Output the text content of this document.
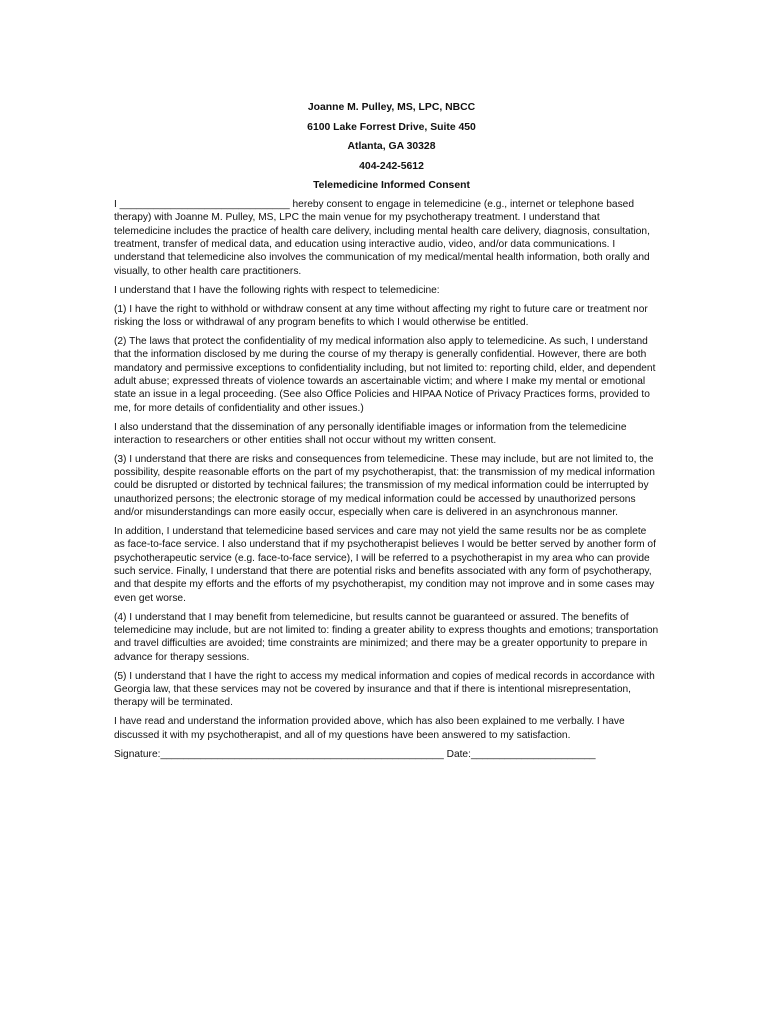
Joanne M. Pulley, MS, LPC, NBCC
6100 Lake Forrest Drive, Suite 450
Atlanta, GA 30328
404-242-5612
Telemedicine Informed Consent

I ______________________________ hereby consent to engage in telemedicine (e.g., internet or telephone based therapy) with Joanne M. Pulley, MS, LPC the main venue for my psychotherapy treatment. I understand that telemedicine includes the practice of health care delivery, including mental health care delivery, diagnosis, consultation, treatment, transfer of medical data, and education using interactive audio, video, and/or data communications. I understand that telemedicine also involves the communication of my medical/mental health information, both orally and visually, to other health care practitioners.

I understand that I have the following rights with respect to telemedicine:

(1) I have the right to withhold or withdraw consent at any time without affecting my right to future care or treatment nor risking the loss or withdrawal of any program benefits to which I would otherwise be entitled.

(2) The laws that protect the confidentiality of my medical information also apply to telemedicine. As such, I understand that the information disclosed by me during the course of my therapy is generally confidential. However, there are both mandatory and permissive exceptions to confidentiality including, but not limited to: reporting child, elder, and dependent adult abuse; expressed threats of violence towards an ascertainable victim; and where I make my mental or emotional state an issue in a legal proceeding. (See also Office Policies and HIPAA Notice of Privacy Practices forms, provided to me, for more details of confidentiality and other issues.)

I also understand that the dissemination of any personally identifiable images or information from the telemedicine interaction to researchers or other entities shall not occur without my written consent.

(3) I understand that there are risks and consequences from telemedicine. These may include, but are not limited to, the possibility, despite reasonable efforts on the part of my psychotherapist, that: the transmission of my medical information could be disrupted or distorted by technical failures; the transmission of my medical information could be interrupted by unauthorized persons; the electronic storage of my medical information could be accessed by unauthorized persons and/or misunderstandings can more easily occur, especially when care is delivered in an asynchronous manner.

In addition, I understand that telemedicine based services and care may not yield the same results nor be as complete as face-to-face service. I also understand that if my psychotherapist believes I would be better served by another form of psychotherapeutic service (e.g. face-to-face service), I will be referred to a psychotherapist in my area who can provide such service. Finally, I understand that there are potential risks and benefits associated with any form of psychotherapy, and that despite my efforts and the efforts of my psychotherapist, my condition may not improve and in some cases may even get worse.

(4) I understand that I may benefit from telemedicine, but results cannot be guaranteed or assured. The benefits of telemedicine may include, but are not limited to: finding a greater ability to express thoughts and emotions; transportation and travel difficulties are avoided; time constraints are minimized; and there may be a greater opportunity to prepare in advance for therapy sessions.

(5) I understand that I have the right to access my medical information and copies of medical records in accordance with Georgia law, that these services may not be covered by insurance and that if there is intentional misrepresentation, therapy will be terminated.

I have read and understand the information provided above, which has also been explained to me verbally. I have discussed it with my psychotherapist, and all of my questions have been answered to my satisfaction.

Signature:__________________________________________________ Date:______________________
